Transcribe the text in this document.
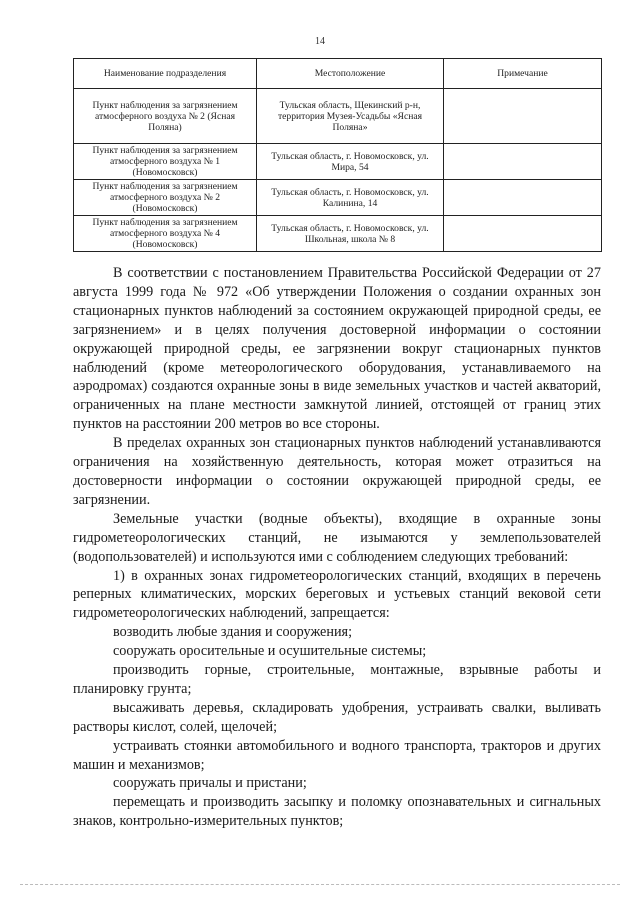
14
Наименование подразделения	Местоположение	Примечание
Пункт наблюдения за загрязнением атмосферного воздуха № 2 (Ясная Поляна)	Тульская область, Щекинский р-н, территория Музея-Усадьбы «Ясная Поляна»	
Пункт наблюдения за загрязнением атмосферного воздуха № 1 (Новомосковск)	Тульская область, г. Новомосковск, ул. Мира, 54	
Пункт наблюдения за загрязнением атмосферного воздуха № 2 (Новомосковск)	Тульская область, г. Новомосковск, ул. Калинина, 14	
Пункт наблюдения за загрязнением атмосферного воздуха № 4 (Новомосковск)	Тульская область, г. Новомосковск, ул. Школьная, школа № 8	

В соответствии с постановлением Правительства Российской Федерации от 27 августа 1999 года № 972 «Об утверждении Положения о создании охранных зон стационарных пунктов наблюдений за состоянием окружающей природной среды, ее загрязнением» и в целях получения достоверной информации о состоянии окружающей природной среды, ее загрязнении вокруг стационарных пунктов наблюдений (кроме метеорологического оборудования, устанавливаемого на аэродромах) создаются охранные зоны в виде земельных участков и частей акваторий, ограниченных на плане местности замкнутой линией, отстоящей от границ этих пунктов на расстоянии 200 метров во все стороны.

В пределах охранных зон стационарных пунктов наблюдений устанавливаются ограничения на хозяйственную деятельность, которая может отразиться на достоверности информации о состоянии окружающей природной среды, ее загрязнении.

Земельные участки (водные объекты), входящие в охранные зоны гидрометеорологических станций, не изымаются у землепользователей (водопользователей) и используются ими с соблюдением следующих требований:

1) в охранных зонах гидрометеорологических станций, входящих в перечень реперных климатических, морских береговых и устьевых станций вековой сети гидрометеорологических наблюдений, запрещается:

возводить любые здания и сооружения;

сооружать оросительные и осушительные системы;

производить горные, строительные, монтажные, взрывные работы и планировку грунта;

высаживать деревья, складировать удобрения, устраивать свалки, выливать растворы кислот, солей, щелочей;

устраивать стоянки автомобильного и водного транспорта, тракторов и других машин и механизмов;

сооружать причалы и пристани;

перемещать и производить засыпку и поломку опознавательных и сигнальных знаков, контрольно-измерительных пунктов;
